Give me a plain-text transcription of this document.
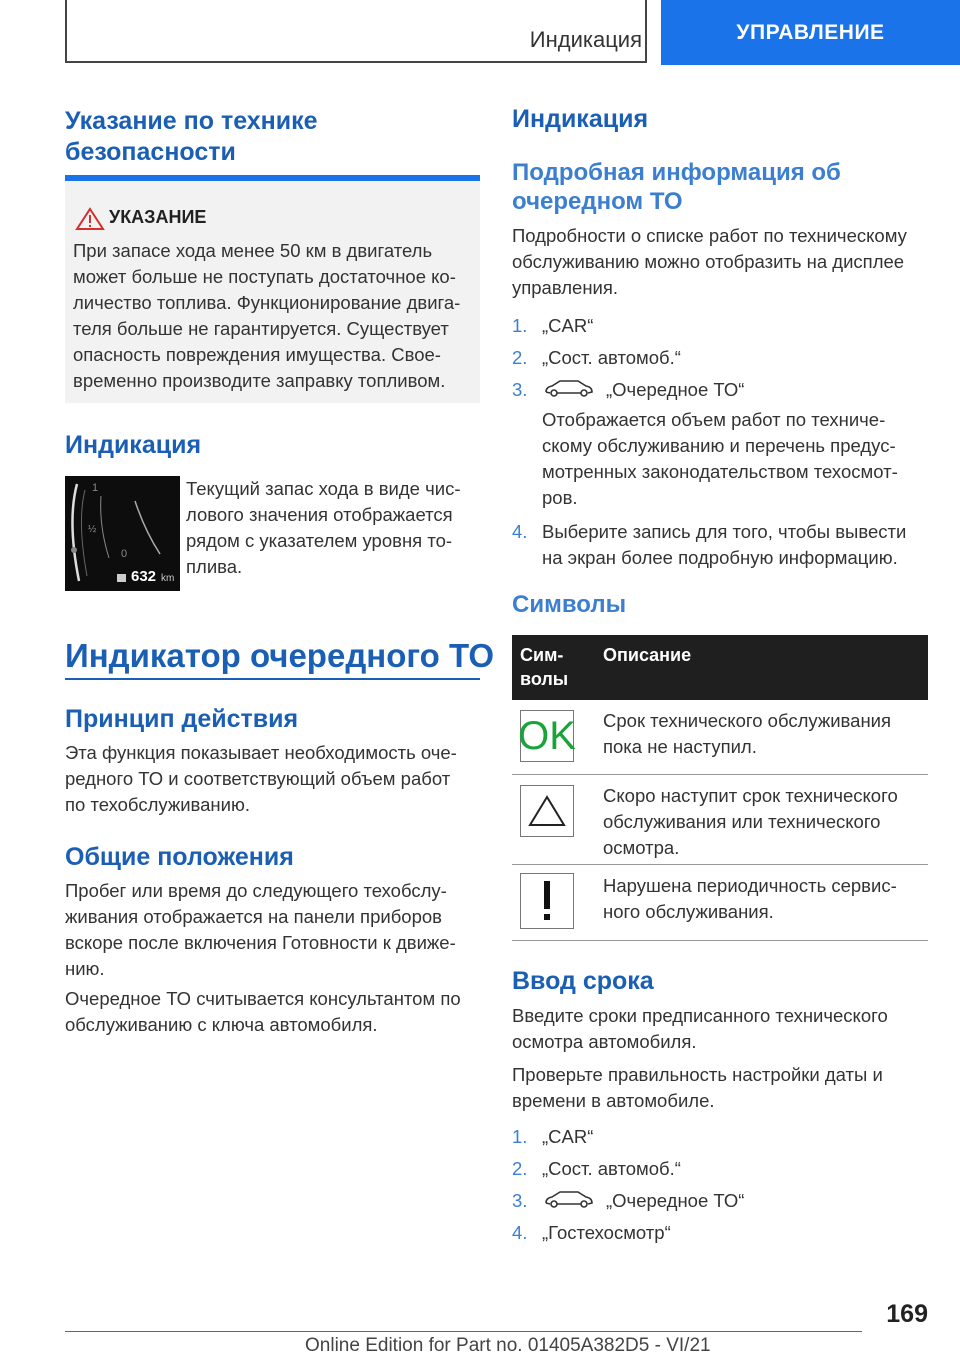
Индикация	УПРАВЛЕНИЕ
Указание по технике
безопасности
УКАЗАНИЕ
При запасе хода менее 50 км в двигатель
может больше не поступать достаточное ко-
личество топлива. Функционирование двига-
теля больше не гарантируется. Существует
опасность повреждения имущества. Свое-
временно производите заправку топливом.
Индикация
1
½
0
632 km
Текущий запас хода в виде чис-
лового значения отображается
рядом с указателем уровня то-
плива.
Индикатор очередного ТО
Принцип действия
Эта функция показывает необходимость оче-
редного ТО и соответствующий объем работ
по техобслуживанию.
Общие положения
Пробег или время до следующего техобслу-
живания отображается на панели приборов
вскоре после включения Готовности к движе-
нию.
Очередное ТО считывается консультантом по
обслуживанию с ключа автомобиля.
Индикация
Подробная информация об
очередном ТО
Подробности о списке работ по техническому
обслуживанию можно отобразить на дисплее
управления.
1. „CAR“
2. „Сост. автомоб.“
3.	„Очередное ТО“
Отображается объем работ по техниче-
скому обслуживанию и перечень предус-
мотренных законодательством техосмот-
ров.
4. Выберите запись для того, чтобы вывести
на экран более подробную информацию.
Символы
Сим-
волы
Описание
OK Срок технического обслуживания
пока не наступил.
Скоро наступит срок технического
обслуживания или технического
осмотра.
Нарушена периодичность сервис-
ного обслуживания.
Ввод срока
Введите сроки предписанного технического
осмотра автомобиля.
Проверьте правильность настройки даты и
времени в автомобиле.
1. „CAR“
2. „Сост. автомоб.“
3.	„Очередное ТО“
4. „Гостехосмотр“
169
Online Edition for Part no. 01405A382D5 - VI/21
